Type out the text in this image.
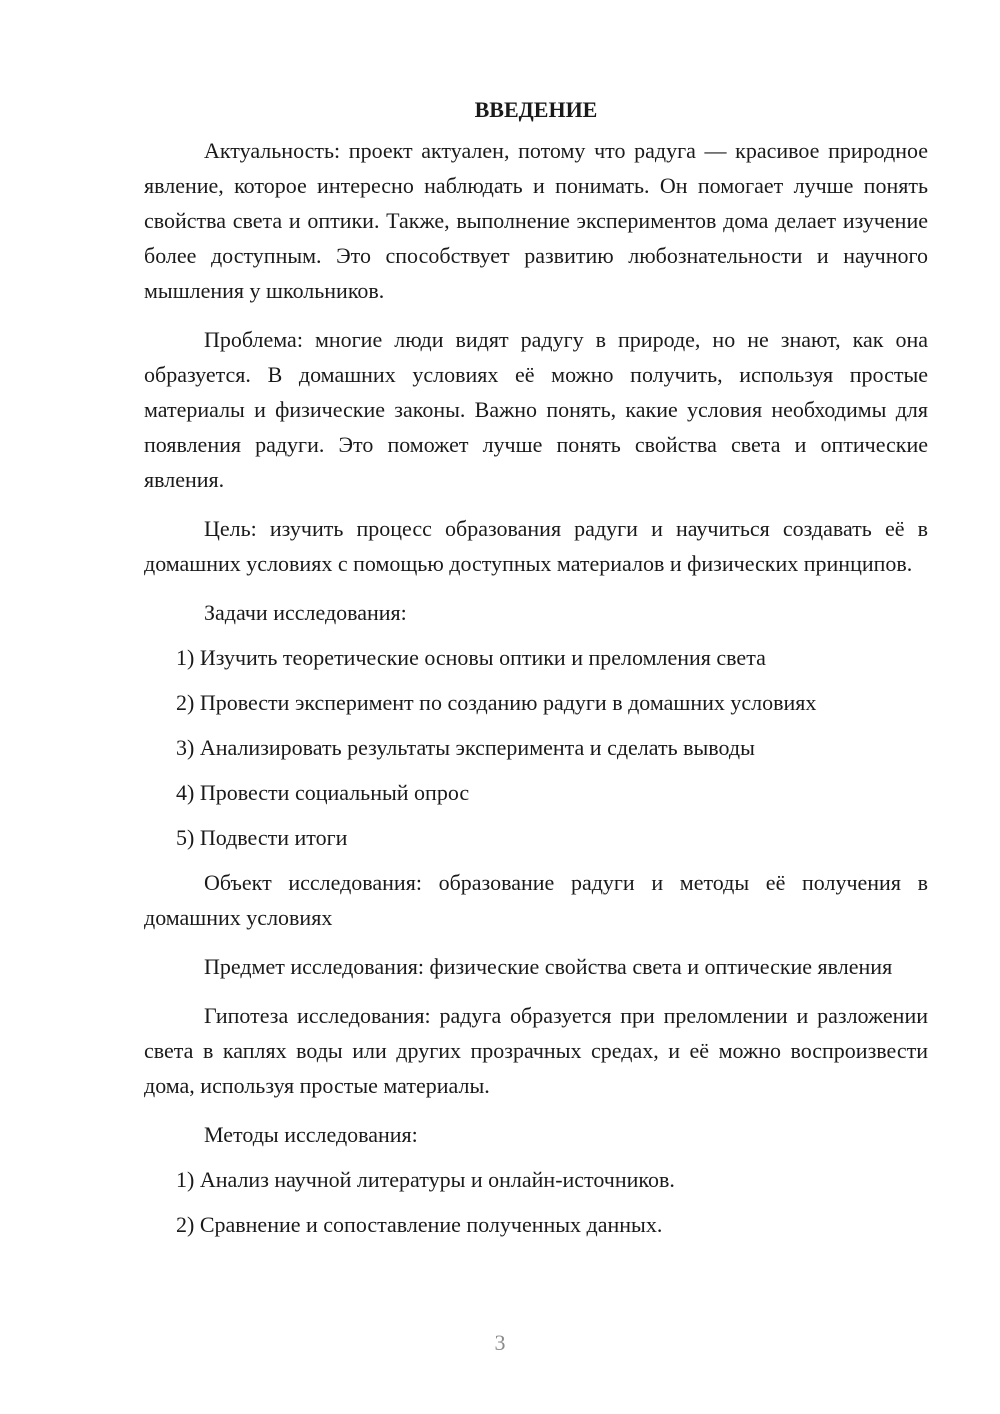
ВВЕДЕНИЕ

Актуальность: проект актуален, потому что радуга — красивое природное явление, которое интересно наблюдать и понимать. Он помогает лучше понять свойства света и оптики. Также, выполнение экспериментов дома делает изучение более доступным. Это способствует развитию любознательности и научного мышления у школьников.

Проблема: многие люди видят радугу в природе, но не знают, как она образуется. В домашних условиях её можно получить, используя простые материалы и физические законы. Важно понять, какие условия необходимы для появления радуги. Это поможет лучше понять свойства света и оптические явления.

Цель: изучить процесс образования радуги и научиться создавать её в домашних условиях с помощью доступных материалов и физических принципов.

Задачи исследования:
1) Изучить теоретические основы оптики и преломления света
2) Провести эксперимент по созданию радуги в домашних условиях
3) Анализировать результаты эксперимента и сделать выводы
4) Провести социальный опрос
5) Подвести итоги

Объект исследования: образование радуги и методы её получения в домашних условиях

Предмет исследования: физические свойства света и оптические явления

Гипотеза исследования: радуга образуется при преломлении и разложении света в каплях воды или других прозрачных средах, и её можно воспроизвести дома, используя простые материалы.

Методы исследования:
1) Анализ научной литературы и онлайн-источников.
2) Сравнение и сопоставление полученных данных.
3
